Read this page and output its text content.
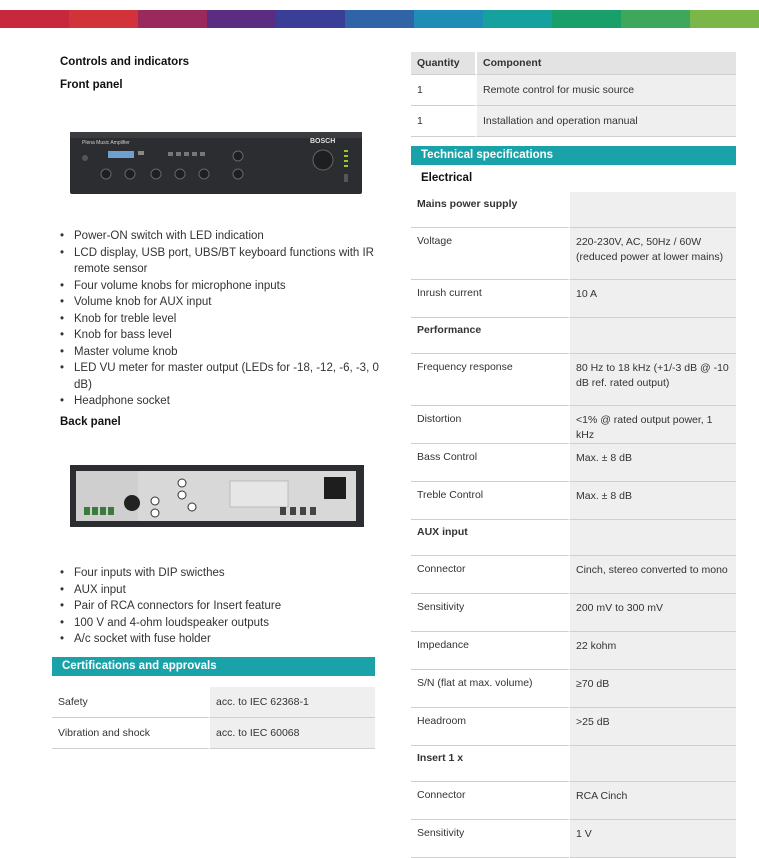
Controls and indicators

Front panel

Plena Music Amplifier	BOSCH
• Power-ON switch with LED indication
• LCD display, USB port, UBS/BT keyboard functions with IR remote sensor
• Four volume knobs for microphone inputs
• Volume knob for AUX input
• Knob for treble level
• Knob for bass level
• Master volume knob
• LED VU meter for master output (LEDs for -18, -12, -6, -3, 0 dB)
• Headphone socket

Back panel

• Four inputs with DIP swicthes
• AUX input
• Pair of RCA connectors for Insert feature
• 100 V and 4-ohm loudspeaker outputs
• A/c socket with fuse holder
Certifications and approvals
Safety	acc. to IEC 62368-1
Vibration and shock	acc. to IEC 60068
Quantity	Component
1	Remote control for music source
1	Installation and operation manual
Technical specifications
Electrical
Mains power supply	
Voltage	220-230V, AC, 50Hz / 60W (reduced power at lower mains)
Inrush current	10 A
Performance	
Frequency response	80 Hz to 18 kHz (+1/-3 dB @ -10 dB ref. rated output)
Distortion	<1% @ rated output power, 1 kHz
Bass Control	Max. ± 8 dB
Treble Control	Max. ± 8 dB
AUX input	
Connector	Cinch, stereo converted to mono
Sensitivity	200 mV to 300 mV
Impedance	22 kohm
S/N (flat at max. volume)	≥70 dB
Headroom	>25 dB
Insert 1 x	
Connector	RCA Cinch
Sensitivity	1 V
